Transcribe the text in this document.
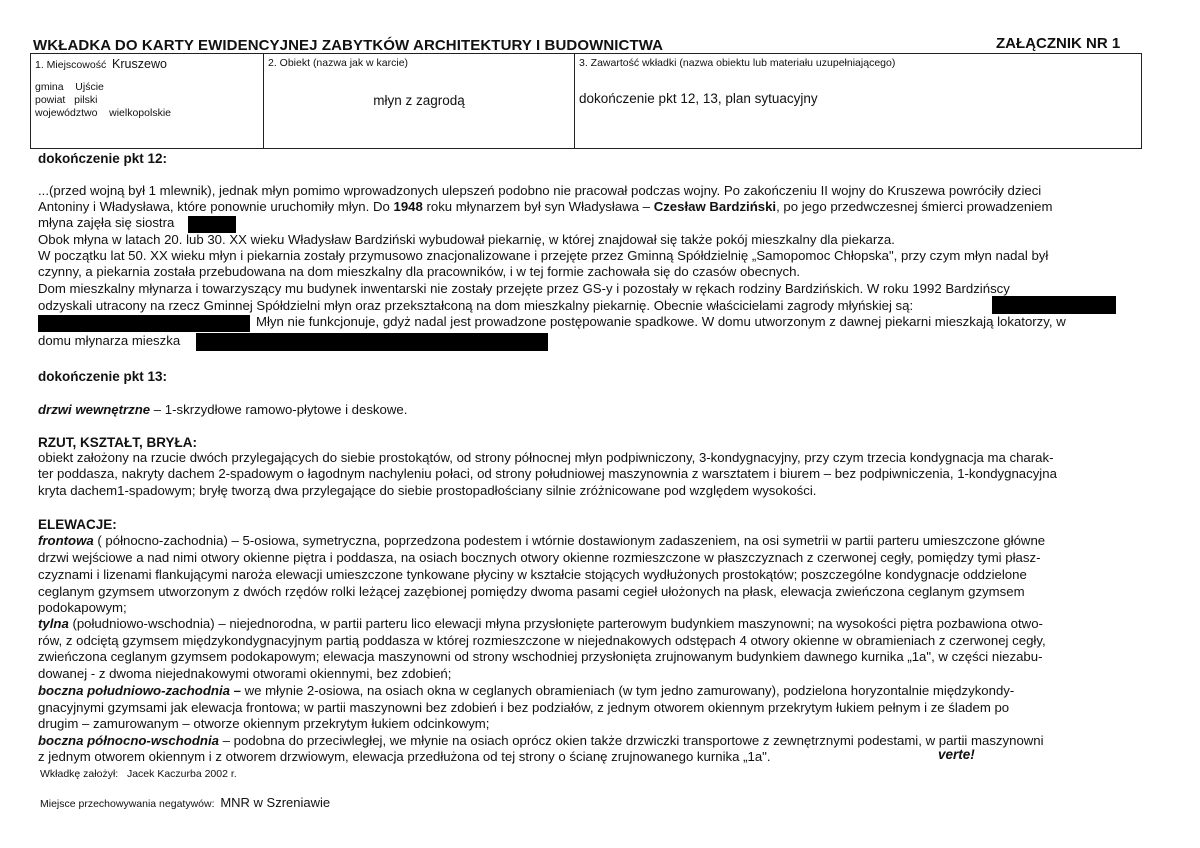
WKŁADKA DO KARTY EWIDENCYJNEJ ZABYTKÓW ARCHITEKTURY I BUDOWNICTWA	ZAŁĄCZNIK NR 1
1. Miejscowość Kruszewo
gmina Ujście
powiat pilski
województwo wielkopolskie
2. Obiekt (nazwa jak w karcie)
młyn z zagrodą
3. Zawartość wkładki (nazwa obiektu lub materiału uzupełniającego)
dokończenie pkt 12, 13, plan sytuacyjny
dokończenie pkt 12:
...(przed wojną był 1 mlewnik), jednak młyn pomimo wprowadzonych ulepszeń podobno nie pracował podczas wojny. Po zakończeniu II wojny do Kruszewa powróciły dzieci
Antoniny i Władysława, które ponownie uruchomiły młyn. Do 1948 roku młynarzem był syn Władysława – Czesław Bardziński, po jego przedwczesnej śmierci prowadzeniem
młyna zajęła się siostra
Obok młyna w latach 20. lub 30. XX wieku Władysław Bardziński wybudował piekarnię, w której znajdował się także pokój mieszkalny dla piekarza.
W początku lat 50. XX wieku młyn i piekarnia zostały przymusowo znacjonalizowane i przejęte przez Gminną Spółdzielnię „Samopomoc Chłopska", przy czym młyn nadal był
czynny, a piekarnia została przebudowana na dom mieszkalny dla pracowników, i w tej formie zachowała się do czasów obecnych.
Dom mieszkalny młynarza i towarzyszący mu budynek inwentarski nie zostały przejęte przez GS-y i pozostały w rękach rodziny Bardzińskich. W roku 1992 Bardzińscy
odzyskali utracony na rzecz Gminnej Spółdzielni młyn oraz przekształconą na dom mieszkalny piekarnię. Obecnie właścicielami zagrody młyńskiej są:
Młyn nie funkcjonuje, gdyż nadal jest prowadzone postępowanie spadkowe. W domu utworzonym z dawnej piekarni mieszkają lokatorzy, w
domu młynarza mieszka
dokończenie pkt 13:
drzwi wewnętrzne – 1-skrzydłowe ramowo-płytowe i deskowe.
RZUT, KSZTAŁT, BRYŁA:
obiekt założony na rzucie dwóch przylegających do siebie prostokątów, od strony północnej młyn podpiwniczony, 3-kondygnacyjny, przy czym trzecia kondygnacja ma charak-
ter poddasza, nakryty dachem 2-spadowym o łagodnym nachyleniu połaci, od strony południowej maszynownia z warsztatem i biurem – bez podpiwniczenia, 1-kondygnacyjna
kryta dachem1-spadowym; bryłę tworzą dwa przylegające do siebie prostopadłościany silnie zróżnicowane pod względem wysokości.
ELEWACJE:
frontowa ( północno-zachodnia) – 5-osiowa, symetryczna, poprzedzona podestem i wtórnie dostawionym zadaszeniem, na osi symetrii w partii parteru umieszczone główne
drzwi wejściowe a nad nimi otwory okienne piętra i poddasza, na osiach bocznych otwory okienne rozmieszczone w płaszczyznach z czerwonej cegły, pomiędzy tymi płasz-
czyznami i lizenami flankującymi naroża elewacji umieszczone tynkowane płyciny w kształcie stojących wydłużonych prostokątów; poszczególne kondygnacje oddzielone
ceglanym gzymsem utworzonym z dwóch rzędów rolki leżącej zazębionej pomiędzy dwoma pasami cegieł ułożonych na płask, elewacja zwieńczona ceglanym gzymsem
podokapowym;
tylna (południowo-wschodnia) – niejednorodna, w partii parteru lico elewacji młyna przysłonięte parterowym budynkiem maszynowni; na wysokości piętra pozbawiona otwo-
rów, z odciętą gzymsem międzykondygnacyjnym partią poddasza w której rozmieszczone w niejednakowych odstępach 4 otwory okienne w obramieniach z czerwonej cegły,
zwieńczona ceglanym gzymsem podokapowym; elewacja maszynowni od strony wschodniej przysłonięta zrujnowanym budynkiem dawnego kurnika „1a", w części niezabu-
dowanej - z dwoma niejednakowymi otworami okiennymi, bez zdobień;
boczna południowo-zachodnia – we młynie 2-osiowa, na osiach okna w ceglanych obramieniach (w tym jedno zamurowany), podzielona horyzontalnie międzykondy-
gnacyjnymi gzymsami jak elewacja frontowa; w partii maszynowni bez zdobień i bez podziałów, z jednym otworem okiennym przekrytym łukiem pełnym i ze śladem po
drugim – zamurowanym – otworze okiennym przekrytym łukiem odcinkowym;
boczna północno-wschodnia – podobna do przeciwległej, we młynie na osiach oprócz okien także drzwiczki transportowe z zewnętrznymi podestami, w partii maszynowni
z jednym otworem okiennym i z otworem drzwiowym, elewacja przedłużona od tej strony o ścianę zrujnowanego kurnika „1a".	verte!
Wkładkę założył: Jacek Kaczurba 2002 r.
Miejsce przechowywania negatywów: MNR w Szreniawie
